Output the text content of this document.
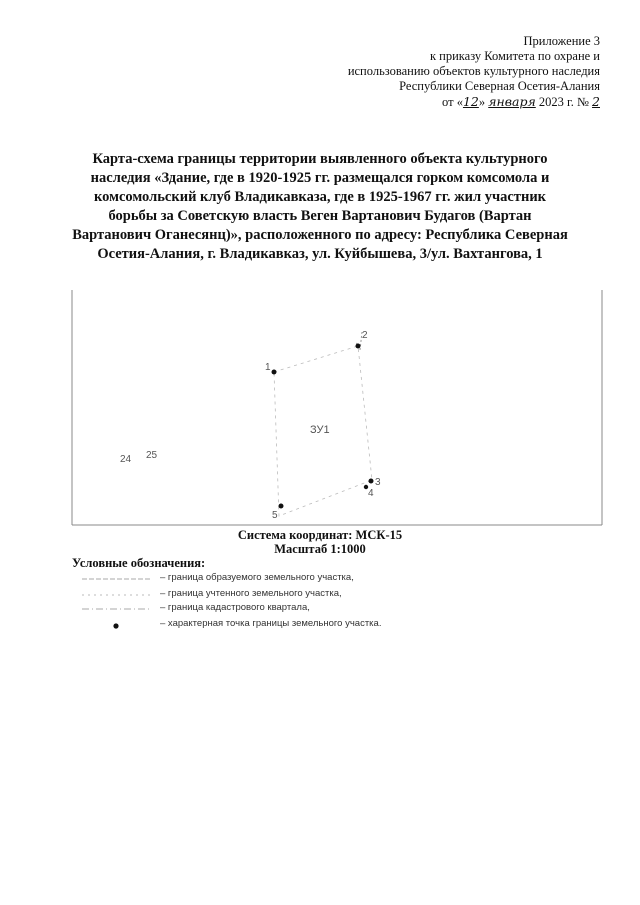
Приложение 3
к приказу Комитета по охране и
использованию объектов культурного наследия
Республики Северная Осетия-Алания
от «12» января 2023 г. № 2
Карта-схема границы территории выявленного объекта культурного
наследия «Здание, где в 1920-1925 гг. размещался горком комсомола и
комсомольский клуб Владикавказа, где в 1925-1967 гг. жил участник
борьбы за Советскую власть Веген Вартанович Будагов (Вартан
Вартанович Оганесянц)», расположенного по адресу: Республика Северная
Осетия-Алания, г. Владикавказ, ул. Куйбышева, 3/ул. Вахтангова, 1
1
2
3
4
5
ЗУ1
24 25
Система координат: МСК-15
Масштаб 1:1000
Условные обозначения:
– граница образуемого земельного участка,
– граница учтенного земельного участка,
– граница кадастрового квартала,
– характерная точка границы земельного участка.
